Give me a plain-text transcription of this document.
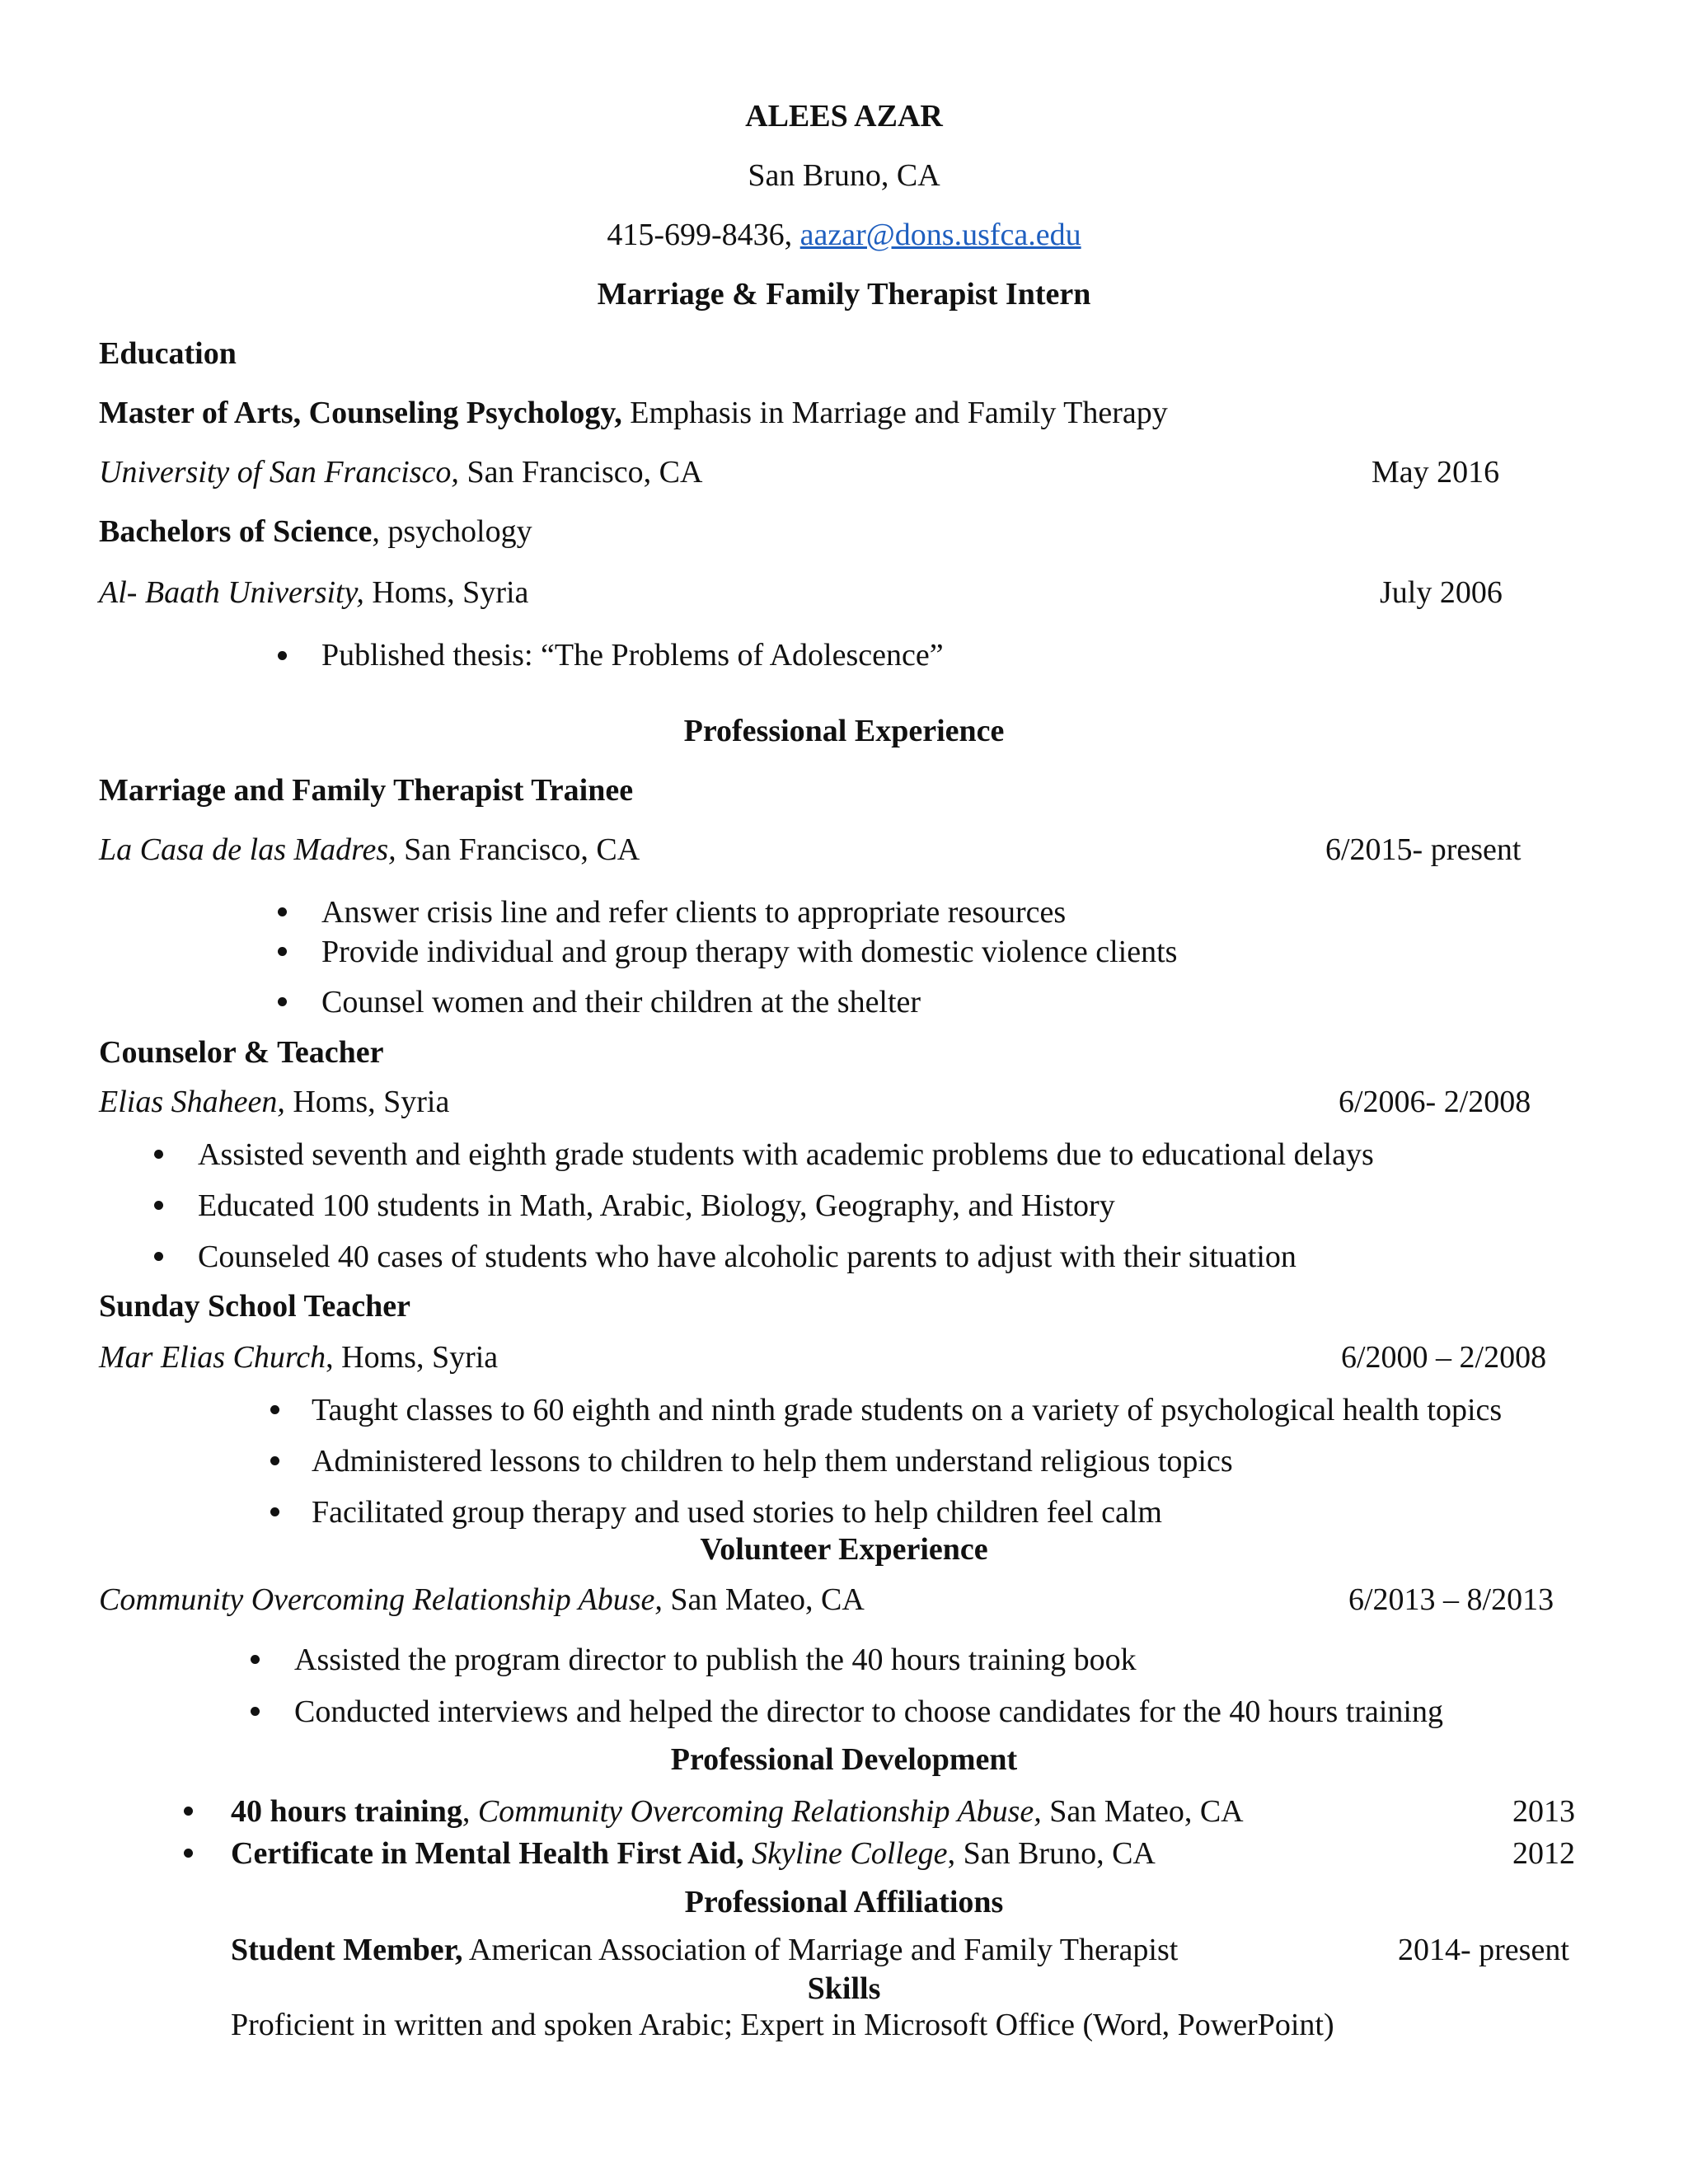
ALEES AZAR
San Bruno, CA
415-699-8436, aazar@dons.usfca.edu
Marriage & Family Therapist Intern
Education
Master of Arts, Counseling Psychology, Emphasis in Marriage and Family Therapy
University of San Francisco, San Francisco, CA	May 2016
Bachelors of Science, psychology
Al- Baath University, Homs, Syria	July 2006
Published thesis: “The Problems of Adolescence”
Professional Experience
Marriage and Family Therapist Trainee
La Casa de las Madres, San Francisco, CA	6/2015- present
Answer crisis line and refer clients to appropriate resources
Provide individual and group therapy with domestic violence clients
Counsel women and their children at the shelter
Counselor & Teacher
Elias Shaheen, Homs, Syria	6/2006- 2/2008
Assisted seventh and eighth grade students with academic problems due to educational delays
Educated 100 students in Math, Arabic, Biology, Geography, and History
Counseled 40 cases of students who have alcoholic parents to adjust with their situation
Sunday School Teacher
Mar Elias Church, Homs, Syria	6/2000 – 2/2008
Taught classes to 60 eighth and ninth grade students on a variety of psychological health topics
Administered lessons to children to help them understand religious topics
Facilitated group therapy and used stories to help children feel calm
Volunteer Experience
Community Overcoming Relationship Abuse, San Mateo, CA	6/2013 – 8/2013
Assisted the program director to publish the 40 hours training book
Conducted interviews and helped the director to choose candidates for the 40 hours training
Professional Development
40 hours training, Community Overcoming Relationship Abuse, San Mateo, CA	2013
Certificate in Mental Health First Aid, Skyline College, San Bruno, CA	2012
Professional Affiliations
Student Member, American Association of Marriage and Family Therapist	2014- present
Skills
Proficient in written and spoken Arabic; Expert in Microsoft Office (Word, PowerPoint)
